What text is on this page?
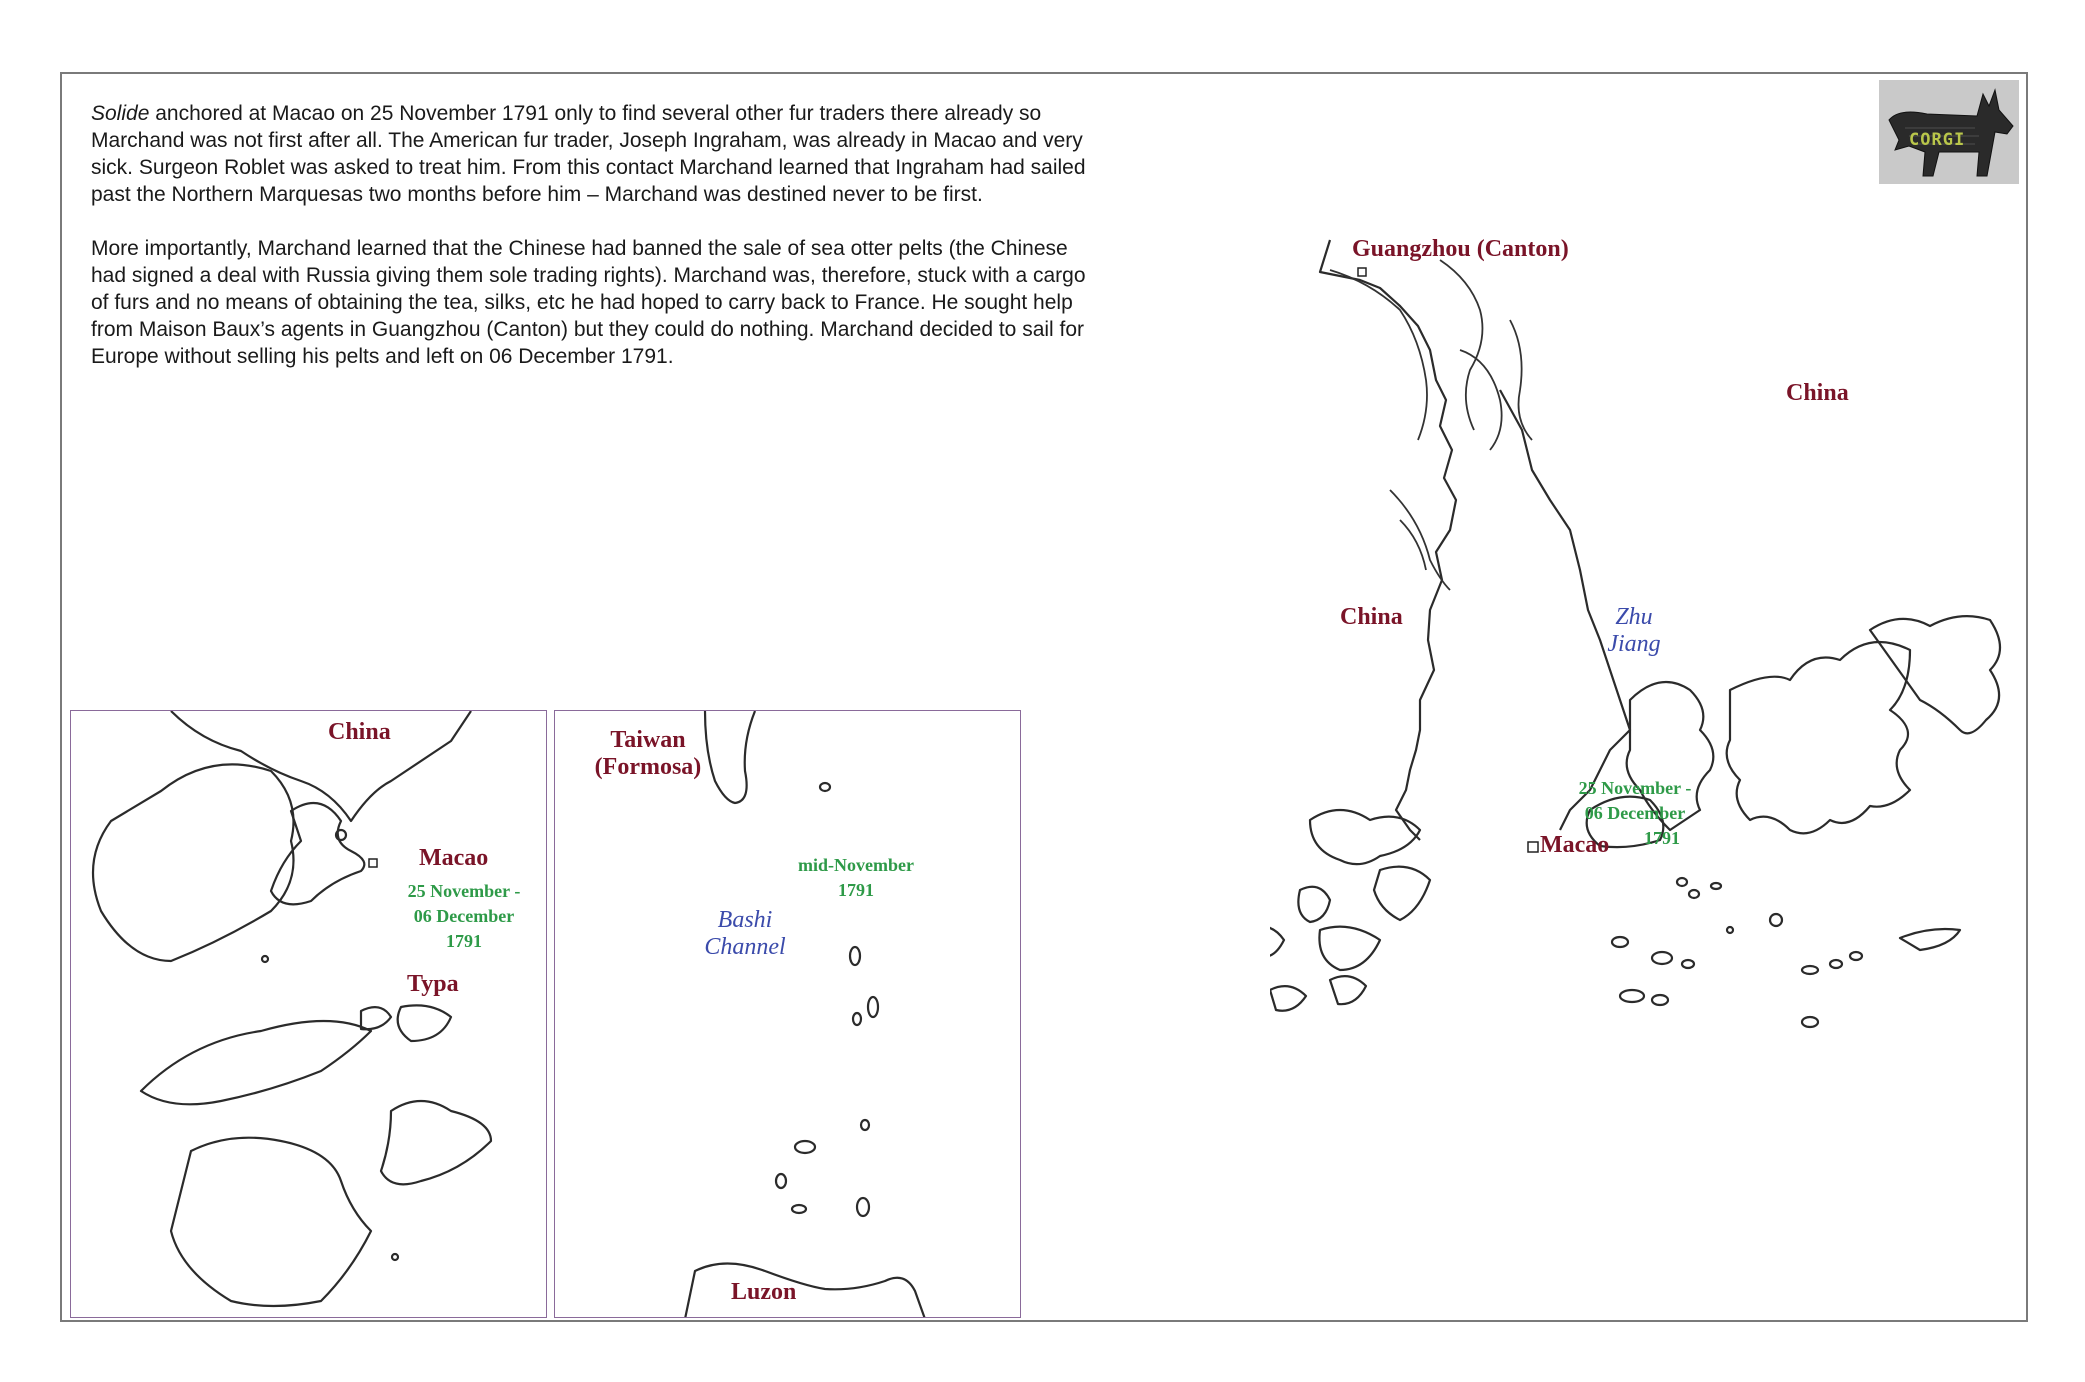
Solide anchored at Macao on 25 November 1791 only to find several other fur traders there already so Marchand was not first after all. The American fur trader, Joseph Ingraham, was already in Macao and very sick. Surgeon Roblet was asked to treat him. From this contact Marchand learned that Ingraham had sailed past the Northern Marquesas two months before him – Marchand was destined never to be first.

More importantly, Marchand learned that the Chinese had banned the sale of sea otter pelts (the Chinese had signed a deal with Russia giving them sole trading rights). Marchand was, therefore, stuck with a cargo of furs and no means of obtaining the tea, silks, etc he had hoped to carry back to France. He sought help from Maison Baux’s agents in Guangzhou (Canton) but they could do nothing. Marchand decided to sail for Europe without selling his pelts and left on 06 December 1791.

CORGI
Guangzhou (Canton)
China
China	Zhu
Jiang
Macao
25 November -
06 December
1791
China
Macao
25 November -
06 December
1791
Typa
Taiwan
(Formosa)
mid-November
1791
Bashi
Channel
Luzon
